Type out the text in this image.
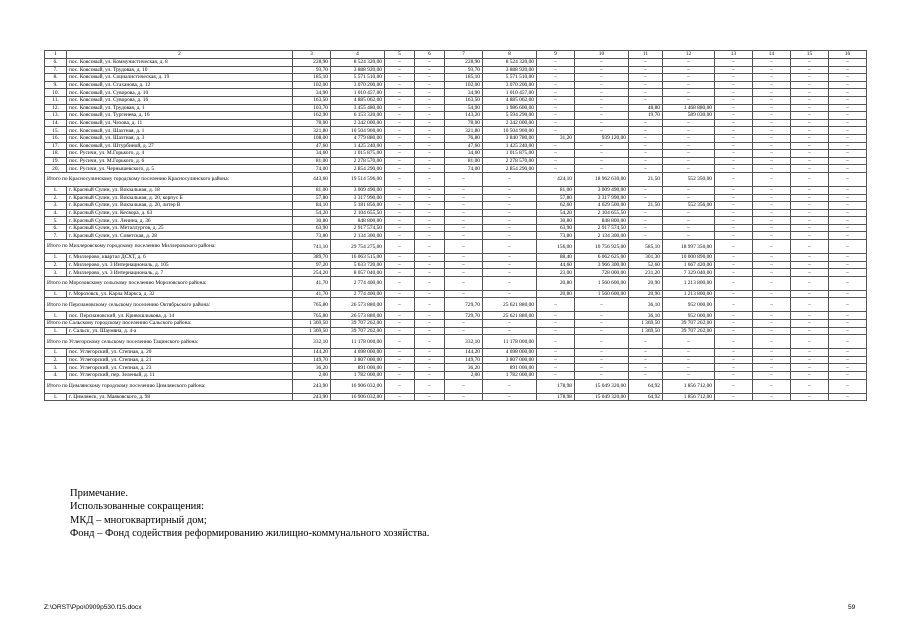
1	2	3	4	5	6	7	8	9	10	11	12	13	14	15	16
6.	пос. Ковсовый, ул. Коммунистическая, д. 8	228,90	8 524 320,00	–	–	228,90	8 524 320,00	–	–	–	–	–	–	–	–
7.	пос. Ковсовый, ул. Трудовая, д. 10	93,70	3 888 920,00	–	–	93,70	3 888 920,00	–	–	–	–	–	–	–	–
8.	пос. Ковсовый, ул. Социалистическая, д. 19	185,10	5 571 510,00	–	–	185,10	5 571 510,00	–	–	–	–	–	–	–	–
9.	пос. Ковсовый, ул. Стаханова, д. 12	102,00	3 070 200,00	–	–	102,00	3 070 200,00	–	–	–	–	–	–	–	–
10.	пос. Ковсовый, ул. Суворова, д. 10	34,90	1 010 457,00	–	–	34,90	1 010 457,00	–	–	–	–	–	–	–	–
11.	пос. Ковсовый, ул. Суворова, д. 16	163,50	4 885 062,00	–	–	163,50	4 885 062,00	–	–	–	–	–	–	–	–
12.	пос. Ковсовый, ул. Трудовая, д. 1	103,70	3 455 480,00	–	–	54,90	1 986 600,00	–	–	48,80	1 468 880,00	–	–	–	–
13.	пос. Ковсовый, ул. Тургенева, д. 16	162,90	6 153 320,00	–	–	143,20	5 594 290,00	–	–	19,70	589 030,00	–	–	–	–
14.	пос. Ковсовый, ул. Чехова, д. 11	78,00	2 342 000,00	–	–	78,00	2 342 000,00	–	–	–	–	–	–	–	–
15.	пос. Ковсовый, ул. Шахтная, д. 1	321,80	10 504 900,00	–	–	321,80	10 504 900,00	–	–	–	–	–	–	–	–
16.	пос. Ковсовый, ул. Шахтная, д. 3	108,00	4 779 880,00	–	–	76,80	3 840 780,00	31,20	939 120,00	–	–	–	–	–	–
17.	пос. Ковсовый, ул. Штурбиной, д. 27	47,60	1 425 240,00	–	–	47,60	1 425 240,00	–	–	–	–	–	–	–	–
18.	пос. Русичи, ул. М.Горького, д. 4	34,60	1 015 875,00	–	–	34,60	1 015 875,00	–	–	–	–	–	–	–	–
19.	пос. Русичи, ул. М.Горького, д. 6	81,00	2 278 570,00	–	–	81,00	2 278 570,00	–	–	–	–	–	–	–	–
20.	пос. Русичи, ул. Чернышевского, д. 5	74,00	2 854 290,00	–	–	74,00	2 854 290,00	–	–	–	–	–	–	–	–
Итого по Красносулинскому городскому поселению Красносулинского района:		443,60	19 514 596,00	–	–	–	–	424,10	18 962 630,00	21,50	552 350,00	–	–	–	–
1.	г. Красный Сулин, ул. Вокзальная, д. 18	81,00	3 009 490,00	–	–	–	–	81,00	3 009 490,00	–	–	–	–	–	–
2.	г. Красный Сулин, ул. Вокзальная, д. 20, корпус Б	57,80	3 317 990,00	–	–	–	–	57,80	3 317 990,00	–	–	–	–	–	–
3.	г. Красный Сулин, ул. Вокзальная, д. 20, литер В	84,10	5 181 856,00	–	–	–	–	62,60	4 629 500,00	21,50	552 356,00	–	–	–	–
4.	г. Красный Сулин, ул. Кесвора, д. 63	54,20	2 104 655,50	–	–	–	–	54,20	2 104 655,50	–	–	–	–	–	–
5.	г. Красный Сулин, ул. Ленина, д. 36	30,80	848 800,00	–	–	–	–	30,80	848 800,00	–	–	–	–	–	–
6.	г. Красный Сулин, ул. Металлургов, д. 25	63,90	2 917 574,50	–	–	–	–	63,90	2 917 574,50	–	–	–	–	–	–
7.	г. Красный Сулин, ул. Советская, д. 28	73,80	2 134 300,00	–	–	–	–	73,80	2 134 300,00	–	–	–	–	–	–
Итого по Миллеровскому городскому поселению Миллеровского района:		741,10	29 754 275,00	–	–	–	–	156,00	10 756 925,00	585,10	18 997 350,00	–	–	–	–
1.	г. Миллерово, квартал ДСХТ, д. 6	389,70	16 063 515,00	–	–	–	–	88,40	6 062 625,00	301,30	10 000 890,00	–	–	–	–
2.	г. Миллерово, ул. 3 Интернациональ, д. 105	97,20	5 633 720,00	–	–	–	–	44,60	3 966 300,00	52,60	1 667 420,00	–	–	–	–
3.	г. Миллерово, ул. 3 Интернациональ, д. 7	254,20	8 057 040,00	–	–	–	–	23,00	728 000,00	231,20	7 329 040,00	–	–	–	–
Итого по Морозовскому сельскому поселению Морозовского района:		41,70	2 774 400,00	–	–	–	–	20,80	1 560 600,00	20,90	1 213 800,00	–	–	–	–
1.	г. Морозовск, ул. Карла Маркса, д. 32	41,70	2 774 400,00	–	–	–	–	20,80	1 560 600,00	20,90	1 213 800,00	–	–	–	–
Итого по Персиановскому сельскому поселению Октябрьского района:		765,80	26 573 880,00	–	–	729,70	25 621 880,00	–	–	36,10	952 000,00	–	–	–	–
1.	пос. Персиановский, ул. Кривошлыкова, д. 14	765,80	26 573 880,00	–	–	729,70	25 621 880,00	–	–	36,10	952 000,00	–	–	–	–
Итого по Сальскому городскому поселению Сальского района:		1 369,50	39 707 262,00	–	–	–	–	–	–	1 369,50	39 707 262,00	–	–	–	–
1.	г. Сальск, ул. Шаумяна, д. 4-а	1 369,50	39 707 262,00	–	–	–	–	–	–	1 369,50	39 707 262,00	–	–	–	–
Итого по Углегорскому сельскому поселению Тацинского района:		332,10	11 178 000,00	–	–	332,10	11 178 000,00	–	–	–	–	–	–	–	–
1.	пос. Углегорский, ул. Степная, д. 20	144,20	4 698 000,00	–	–	144,20	4 698 000,00	–	–	–	–	–	–	–	–
2.	пос. Углегорский, ул. Степная, д. 21	149,70	3 807 000,00	–	–	149,70	3 807 000,00	–	–	–	–	–	–	–	–
3.	пос. Углегорский, ул. Степная, д. 23	36,20	891 000,00	–	–	36,20	891 000,00	–	–	–	–	–	–	–	–
4.	пос. Углегорский, пер. Зеленый, д. 11	2,00	1 782 000,00	–	–	2,00	1 782 000,00	–	–	–	–	–	–	–	–
Итого по Цимлянскому городскому поселению Цимлянского района:		243,90	16 906 032,00	–	–	–	–	178,98	15 049 320,00	64,92	1 856 712,00	–	–	–	–
1.	г. Цимлянск, ул. Маяковского, д. 98	243,90	16 906 032,00	–	–	–	–	178,98	15 049 320,00	64,92	1 856 712,00	–	–	–	–
Примечание.
Использованные сокращения:
МКД – многоквартирный дом;
Фонд – Фонд содействия реформированию жилищно-коммунального хозяйства.
Z:\ORST\Ppo\0909p530.f15.docx	59
